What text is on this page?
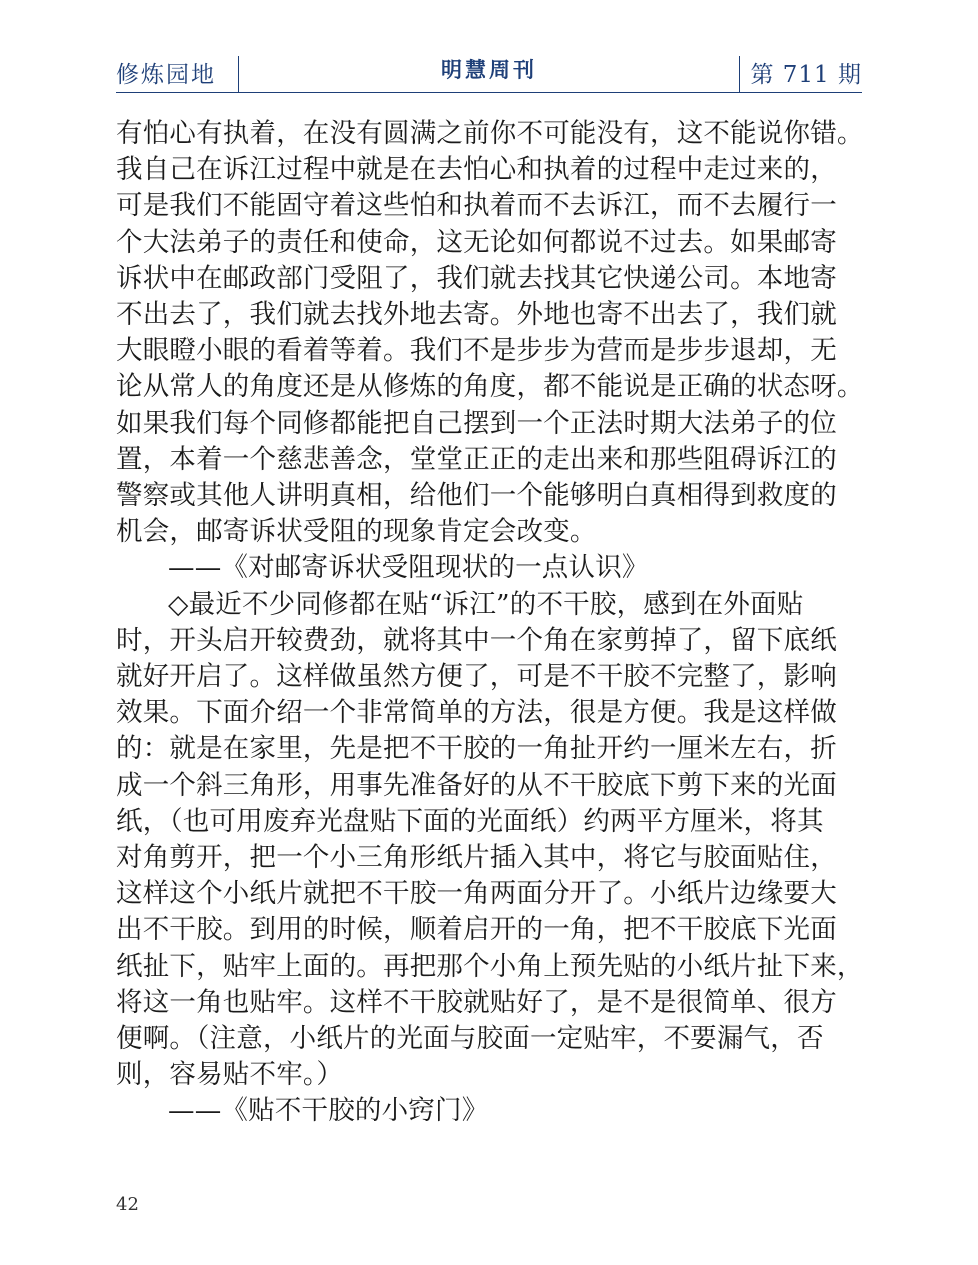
修炼园地	明慧周刊	第 711 期
有怕心有执着，在没有圆满之前你不可能没有，这不能说你错。
我自己在诉江过程中就是在去怕心和执着的过程中走过来的，
可是我们不能固守着这些怕和执着而不去诉江，而不去履行一
个大法弟子的责任和使命，这无论如何都说不过去。如果邮寄
诉状中在邮政部门受阻了，我们就去找其它快递公司。本地寄
不出去了，我们就去找外地去寄。外地也寄不出去了，我们就
大眼瞪小眼的看着等着。我们不是步步为营而是步步退却，无
论从常人的角度还是从修炼的角度，都不能说是正确的状态呀。
如果我们每个同修都能把自己摆到一个正法时期大法弟子的位
置，本着一个慈悲善念，堂堂正正的走出来和那些阻碍诉江的
警察或其他人讲明真相，给他们一个能够明白真相得到救度的
机会，邮寄诉状受阻的现象肯定会改变。
——《对邮寄诉状受阻现状的一点认识》
◇最近不少同修都在贴“诉江”的不干胶，感到在外面贴
时，开头启开较费劲，就将其中一个角在家剪掉了，留下底纸
就好开启了。这样做虽然方便了，可是不干胶不完整了，影响
效果。下面介绍一个非常简单的方法，很是方便。我是这样做
的：就是在家里，先是把不干胶的一角扯开约一厘米左右，折
成一个斜三角形，用事先准备好的从不干胶底下剪下来的光面
纸，（也可用废弃光盘贴下面的光面纸）约两平方厘米，将其
对角剪开，把一个小三角形纸片插入其中，将它与胶面贴住，
这样这个小纸片就把不干胶一角两面分开了。小纸片边缘要大
出不干胶。到用的时候，顺着启开的一角，把不干胶底下光面
纸扯下，贴牢上面的。再把那个小角上预先贴的小纸片扯下来，
将这一角也贴牢。这样不干胶就贴好了，是不是很简单、很方
便啊。（注意，小纸片的光面与胶面一定贴牢，不要漏气，否
则，容易贴不牢。）
——《贴不干胶的小窍门》
42
